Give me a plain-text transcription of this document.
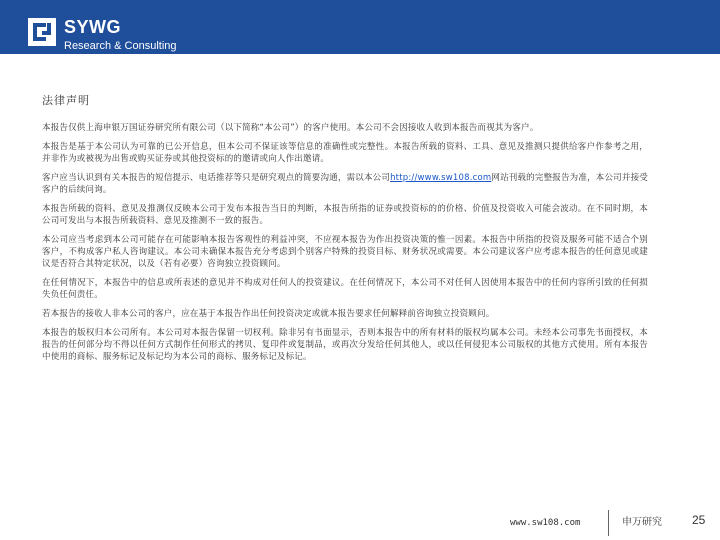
SYWG
Research & Consulting
法律声明

本报告仅供上海申银万国证券研究所有限公司（以下简称“本公司”）的客户使用。本公司不会因接收人收到本报告而视其为客户。

本报告是基于本公司认为可靠的已公开信息，但本公司不保证该等信息的准确性或完整性。本报告所载的资料、工具、意见及推测只提供给客户作参考之用，并非作为或被视为出售或购买证券或其他投资标的的邀请或向人作出邀请。

客户应当认识到有关本报告的短信提示、电话推荐等只是研究观点的简要沟通，需以本公司http://www.sw108.com网站刊载的完整报告为准，本公司并接受客户的后续问询。

本报告所载的资料、意见及推测仅反映本公司于发布本报告当日的判断，本报告所指的证券或投资标的的价格、价值及投资收入可能会波动。在不同时期，本公司可发出与本报告所载资料、意见及推测不一致的报告。

本公司应当考虑到本公司可能存在可能影响本报告客观性的利益冲突，不应视本报告为作出投资决策的惟一因素。本报告中所指的投资及服务可能不适合个别客户，不构成客户私人咨询建议。本公司未确保本报告充分考虑到个别客户特殊的投资目标、财务状况或需要。本公司建议客户应考虑本报告的任何意见或建议是否符合其特定状况，以及（若有必要）咨询独立投资顾问。

在任何情况下，本报告中的信息或所表述的意见并不构成对任何人的投资建议。在任何情况下，本公司不对任何人因使用本报告中的任何内容所引致的任何损失负任何责任。

若本报告的接收人非本公司的客户，应在基于本报告作出任何投资决定或就本报告要求任何解释前咨询独立投资顾问。

本报告的版权归本公司所有。本公司对本报告保留一切权利。除非另有书面显示，否则本报告中的所有材料的版权均属本公司。未经本公司事先书面授权，本报告的任何部分均不得以任何方式制作任何形式的拷贝、复印件或复制品，或再次分发给任何其他人，或以任何侵犯本公司版权的其他方式使用。所有本报告中使用的商标、服务标记及标记均为本公司的商标、服务标记及标记。

www.sw108.com	申万研究	25
